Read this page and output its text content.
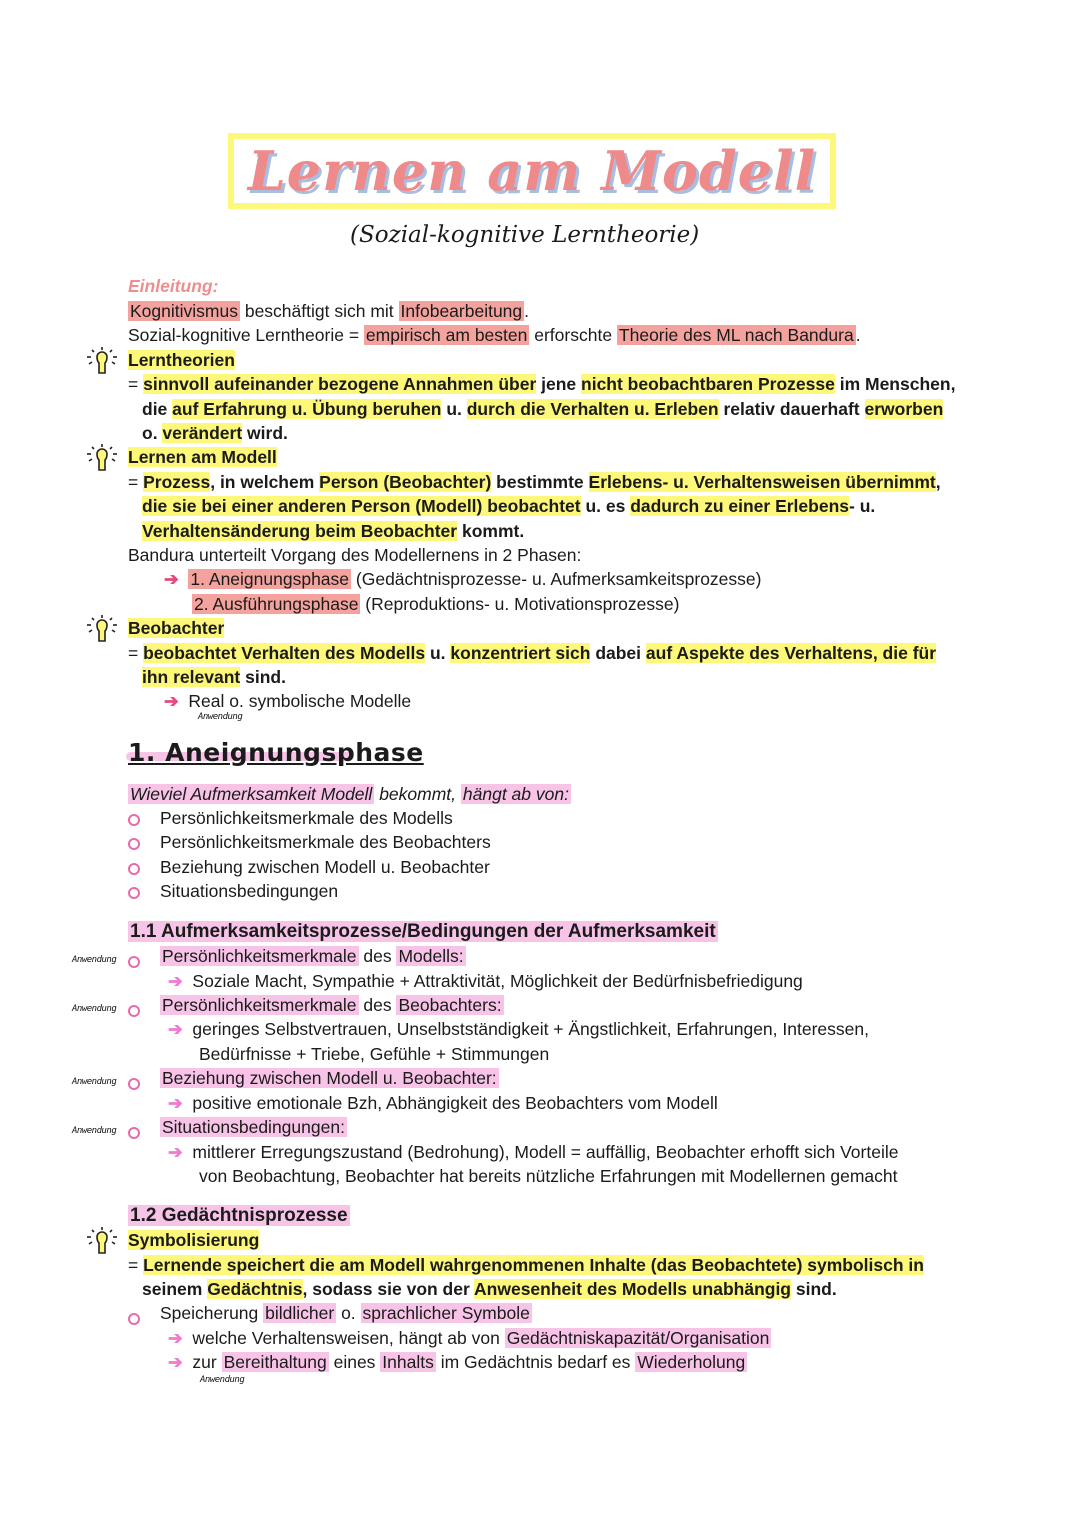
Lernen am Modell
(Sozial-kognitive Lerntheorie)
Einleitung:
Kognitivismus beschäftigt sich mit Infobearbeitung .
Sozial-kognitive Lerntheorie = empirisch am besten erforschte Theorie des ML nach Bandura .
Lerntheorien
= sinnvoll aufeinander bezogene Annahmen über jene nicht beobachtbaren Prozesse im Menschen,
die auf Erfahrung u. Übung beruhen u. durch die Verhalten u. Erleben relativ dauerhaft erworben
o. verändert wird.
Lernen am Modell
= Prozess, in welchem Person (Beobachter) bestimmte Erlebens- u. Verhaltensweisen übernimmt,
die sie bei einer anderen Person (Modell) beobachtet u. es dadurch zu einer Erlebens- u.
Verhaltensänderung beim Beobachter kommt.
Bandura unterteilt Vorgang des Modellernens in 2 Phasen:
➔ 1. Aneignungsphase (Gedächtnisprozesse- u. Aufmerksamkeitsprozesse)
2. Ausführungsphase (Reproduktions- u. Motivationsprozesse)
Beobachter
= beobachtet Verhalten des Modells u. konzentriert sich dabei auf Aspekte des Verhaltens, die für
ihn relevant sind.
➔ Real o. symbolische Modelle
Anwendung
1. Aneignungsphase
Wieviel Aufmerksamkeit Modell bekommt, hängt ab von:
Persönlichkeitsmerkmale des Modells
Persönlichkeitsmerkmale des Beobachters
Beziehung zwischen Modell u. Beobachter
Situationsbedingungen
1.1 Aufmerksamkeitsprozesse/Bedingungen der Aufmerksamkeit
Anwendung	Persönlichkeitsmerkmale des Modells:
➔ Soziale Macht, Sympathie + Attraktivität, Möglichkeit der Bedürfnisbefriedigung
Anwendung	Persönlichkeitsmerkmale des Beobachters:
➔ geringes Selbstvertrauen, Unselbstständigkeit + Ängstlichkeit, Erfahrungen, Interessen,
Bedürfnisse + Triebe, Gefühle + Stimmungen
Anwendung	Beziehung zwischen Modell u. Beobachter:
➔ positive emotionale Bzh, Abhängigkeit des Beobachters vom Modell
Anwendung	Situationsbedingungen:
➔ mittlerer Erregungszustand (Bedrohung), Modell = auffällig, Beobachter erhofft sich Vorteile
von Beobachtung, Beobachter hat bereits nützliche Erfahrungen mit Modellernen gemacht
1.2 Gedächtnisprozesse
Symbolisierung
= Lernende speichert die am Modell wahrgenommenen Inhalte (das Beobachtete) symbolisch in
seinem Gedächtnis, sodass sie von der Anwesenheit des Modells unabhängig sind.
Speicherung bildlicher o. sprachlicher Symbole
➔ welche Verhaltensweisen, hängt ab von Gedächtniskapazität/Organisation
➔ zur Bereithaltung eines Inhalts im Gedächtnis bedarf es Wiederholung
Anwendung
